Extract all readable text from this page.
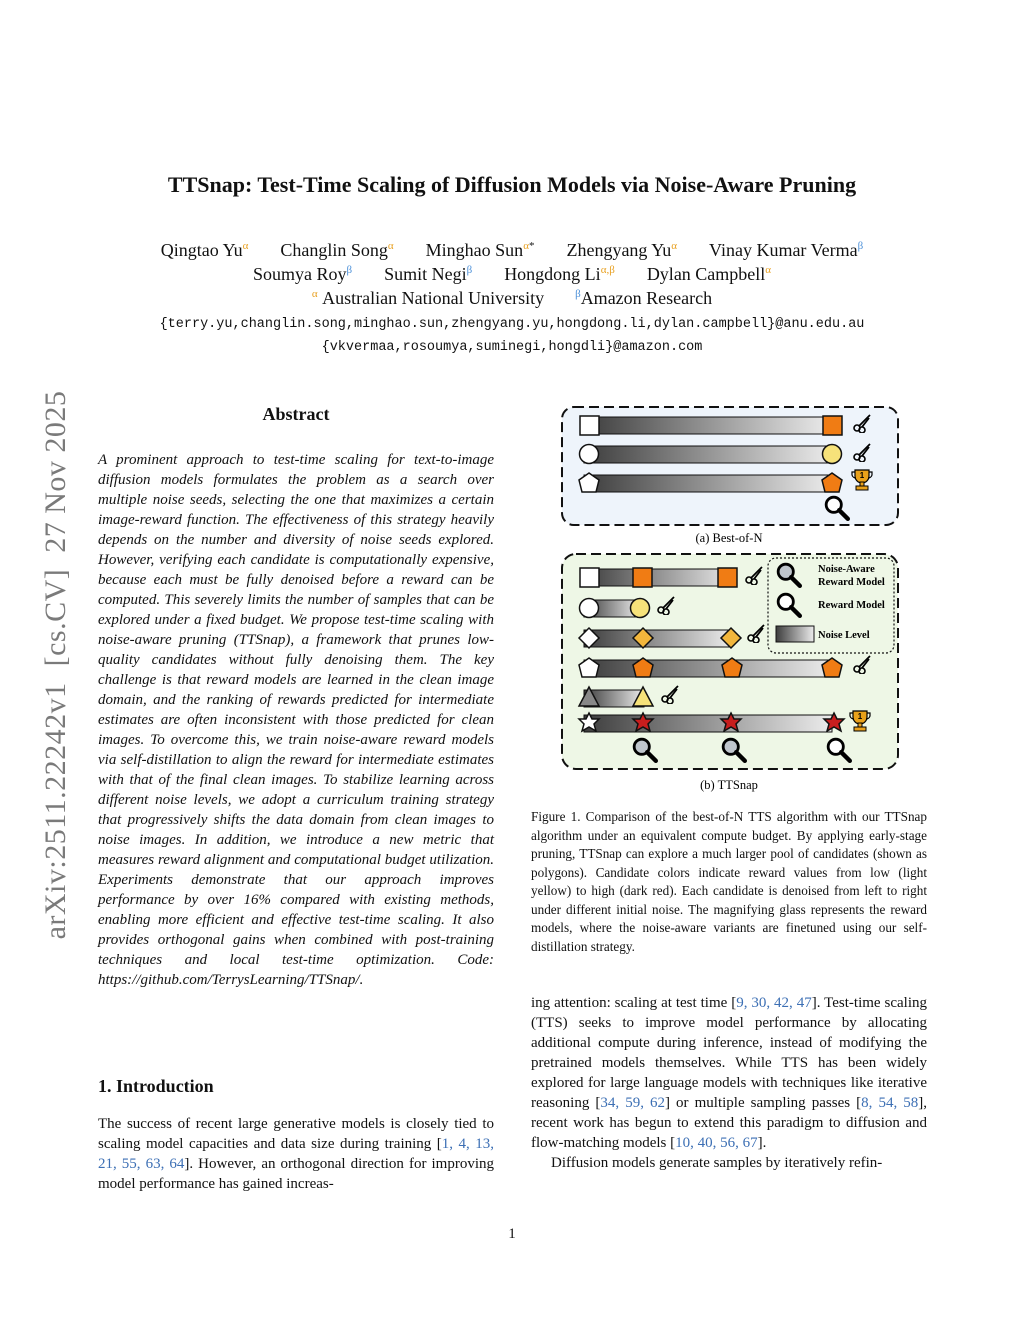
TTSnap: Test-Time Scaling of Diffusion Models via Noise-Aware Pruning
Qingtao $Yu^\alpha$ Changlin Song$^\alpha$ Minghao Sun$^{\alpha*}$ Zhengyang $Yu^\alpha$ Vinay Kumar Verma$^\beta$
Soumya Roy$^\beta$ Sumit Negi$^\beta$ Hongdong $Li^{\alpha,\beta}$ Dylan Campbell$^\alpha$
$^\alpha$ Australian National University	$^\beta$Amazon Research
{terry.yu,changlin.song,minghao.sun,zhengyang.yu,hongdong.li,dylan.campbell}@anu.edu.au
{vkvermaa,rosoumya,suminegi,hongdli}@amazon.com
arXiv:2511.22242v1  [cs.CV]  27 Nov 2025	Abstract
A prominent approach to test-time scaling for text-to-image diffusion models formulates the problem as a search over multiple noise seeds, selecting the one that maximizes a certain image-reward function. The effectiveness of this strategy heavily depends on the number and diversity of noise seeds explored. However, verifying each candidate is computationally expensive, because each must be fully denoised before a reward can be computed. This severely limits the number of samples that can be explored under a fixed budget. We propose test-time scaling with noise-aware pruning (TTSnap), a framework that prunes low-quality candidates without fully denoising them. The key challenge is that reward models are learned in the clean image domain, and the ranking of rewards predicted for intermediate estimates are often inconsistent with those predicted for clean images. To overcome this, we train noise-aware reward models via self-distillation to align the reward for intermediate estimates with that of the final clean images. To stabilize learning across different noise levels, we adopt a curriculum training strategy that progressively shifts the data domain from clean images to noise images. In addition, we introduce a new metric that measures reward alignment and computational budget utilization. Experiments demonstrate that our approach improves performance by over 16% compared with existing methods, enabling more efficient and effective test-time scaling. It also provides orthogonal gains when combined with post-training techniques and local test-time optimization. Code: https://github.com/TerrysLearning/TTSnap/.
1. Introduction
The success of recent large generative models is closely tied to scaling model capacities and data size during training [1, 4, 13, 21, 55, 63, 64]. However, an orthogonal direction for improving model performance has gained increas-
(a) Best-of-N
Noise-Aware
Reward Model
Reward Model
Noise Level
(b) TTSnap
Figure 1. Comparison of the best-of-N TTS algorithm with our TTSnap algorithm under an equivalent compute budget. By applying early-stage pruning, TTSnap can explore a much larger pool of candidates (shown as polygons). Candidate colors indicate reward values from low (light yellow) to high (dark red). Each candidate is denoised from left to right under different initial noise. The magnifying glass represents the reward models, where the noise-aware variants are finetuned using our self-distillation strategy.
ing attention: scaling at test time [9, 30, 42, 47]. Test-time scaling (TTS) seeks to improve model performance by allocating additional compute during inference, instead of modifying the pretrained models themselves. While TTS has been widely explored for large language models with techniques like iterative reasoning [34, 59, 62] or multiple sampling passes [8, 54, 58], recent work has begun to extend this paradigm to diffusion and flow-matching models [10, 40, 56, 67].
Diffusion models generate samples by iteratively refin-
1
